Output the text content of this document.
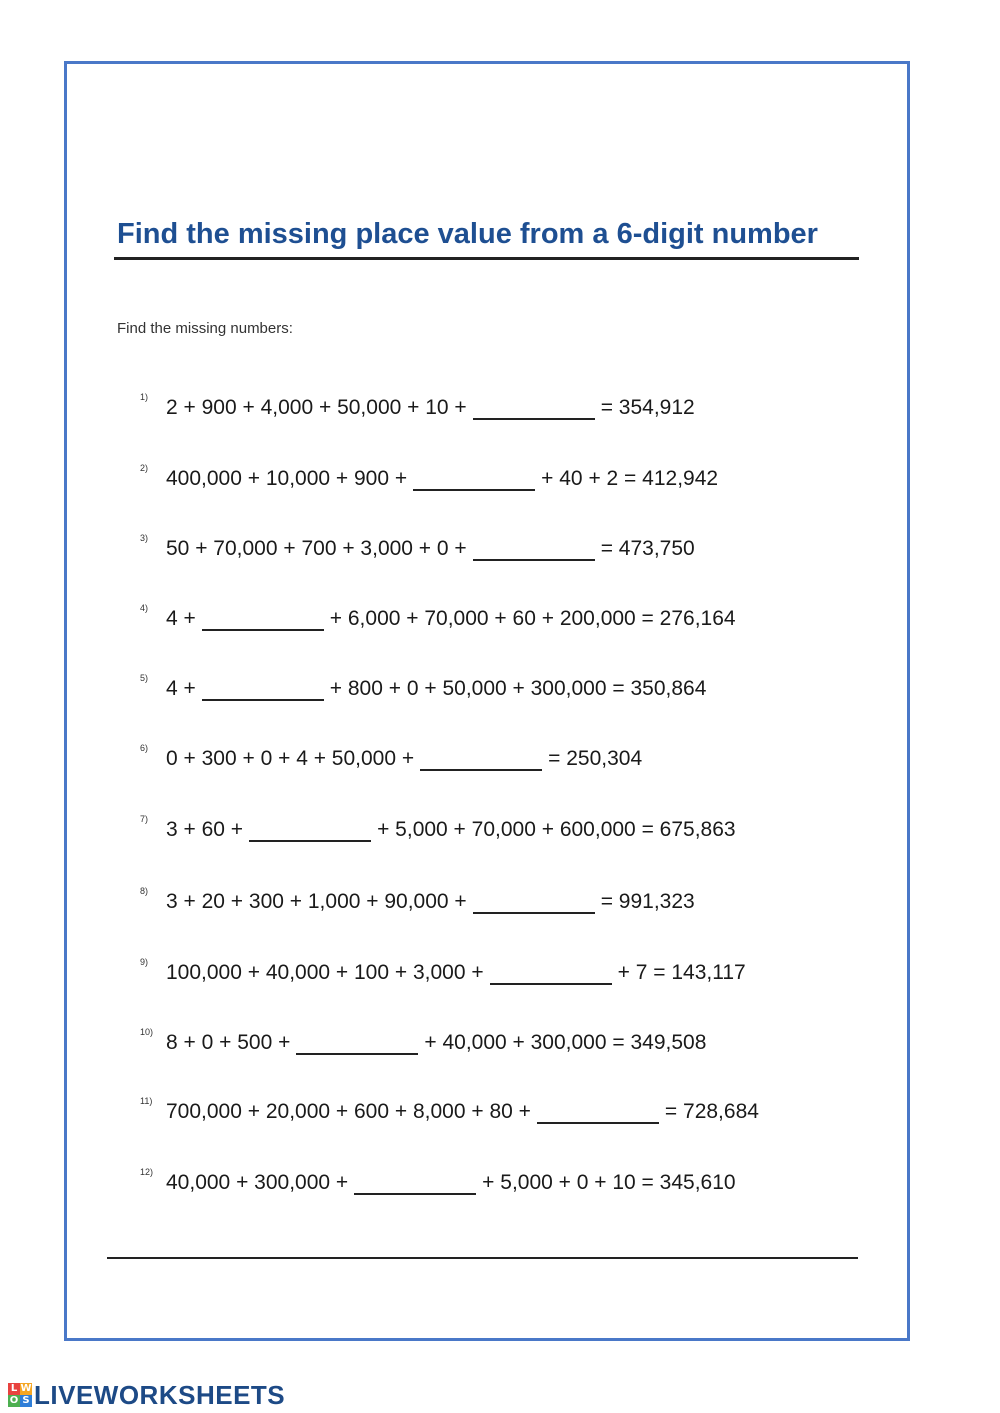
Find the missing place value from a 6-digit number
Find the missing numbers:
1) 2 + 900 + 4,000 + 50,000 + 10 +	= 354,912
2) 400,000 + 10,000 + 900 +	+ 40 + 2 = 412,942
3) 50 + 70,000 + 700 + 3,000 + 0 +	= 473,750
4) 4 +	+ 6,000 + 70,000 + 60 + 200,000 = 276,164
5) 4 +	+ 800 + 0 + 50,000 + 300,000 = 350,864
6) 0 + 300 + 0 + 4 + 50,000 +	= 250,304
7) 3 + 60 +	+ 5,000 + 70,000 + 600,000 = 675,863
8) 3 + 20 + 300 + 1,000 + 90,000 +	= 991,323
9) 100,000 + 40,000 + 100 + 3,000 +	+ 7 = 143,117
10) 8 + 0 + 500 +	+ 40,000 + 300,000 = 349,508
11) 700,000 + 20,000 + 600 + 8,000 + 80 +	= 728,684
12) 40,000 + 300,000 +	+ 5,000 + 0 + 10 = 345,610
L W
O S LIVEWORKSHEETS
